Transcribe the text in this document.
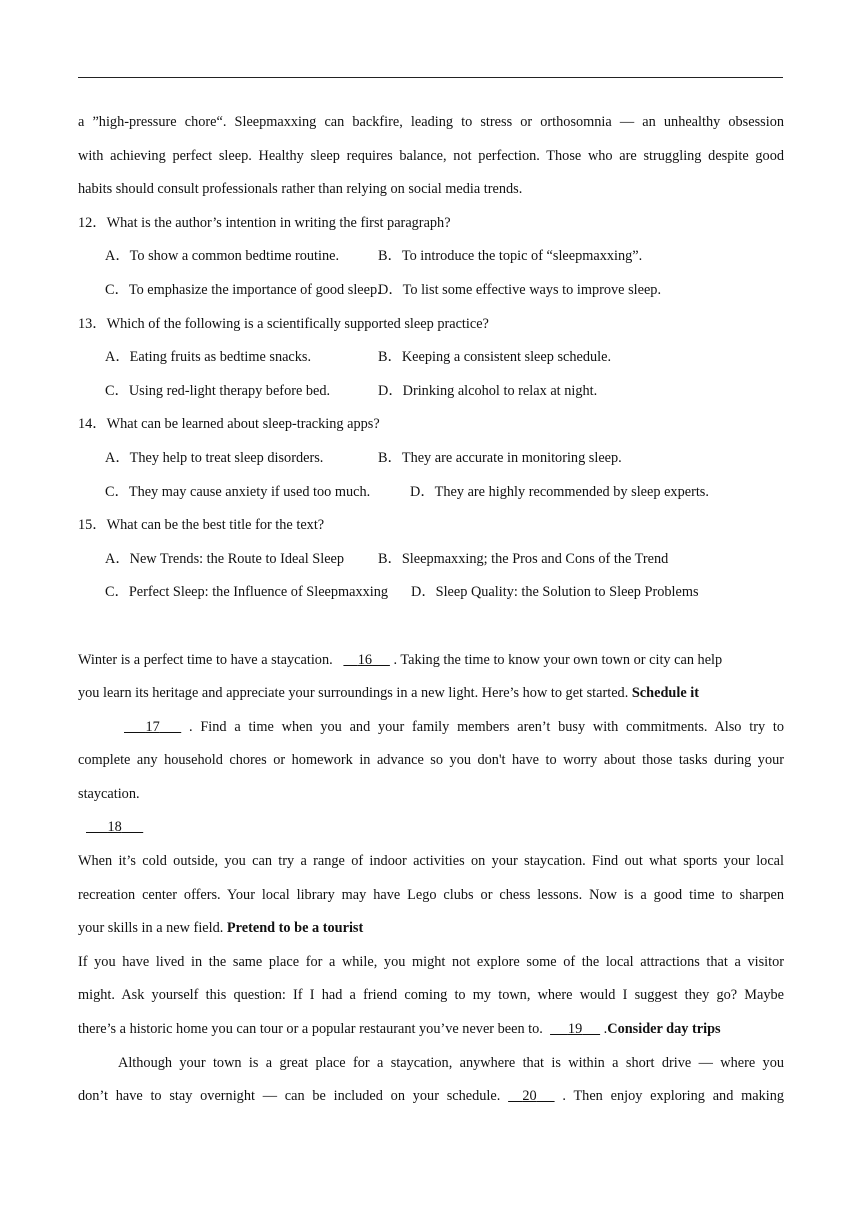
a ”high-pressure chore“. Sleepmaxxing can backfire, leading to stress or orthosomnia — an unhealthy obsession
with achieving perfect sleep. Healthy sleep requires balance, not perfection. Those who are struggling despite good
habits should consult professionals rather than relying on social media trends.
12．What is the author’s intention in writing the first paragraph?
A．To show a common bedtime routine.	B．To introduce the topic of “sleepmaxxing”.
C．To emphasize the importance of good sleep.D．To list some effective ways to improve sleep.
13．Which of the following is a scientifically supported sleep practice?
A．Eating fruits as bedtime snacks.	B．Keeping a consistent sleep schedule.
C．Using red-light therapy before bed.	D．Drinking alcohol to relax at night.
14．What can be learned about sleep-tracking apps?
A．They help to treat sleep disorders.	B．They are accurate in monitoring sleep.
C．They may cause anxiety if used too much.	D．They are highly recommended by sleep experts.
15．What can be the best title for the text?
A．New Trends: the Route to Ideal Sleep B．Sleepmaxxing; the Pros and Cons of the Trend
C．Perfect Sleep: the Influence of Sleepmaxxing D．Sleep Quality: the Solution to Sleep Problems
Winter is a perfect time to have a staycation. 16 . Taking the time to know your own town or city can help
you learn its heritage and appreciate your surroundings in a new light. Here’s how to get started. Schedule it
17 . Find a time when you and your family members aren’t busy with commitments. Also try to
complete any household chores or homework in advance so you don't have to worry about those tasks during your
staycation.
18
When it’s cold outside, you can try a range of indoor activities on your staycation. Find out what sports your local
recreation center offers. Your local library may have Lego clubs or chess lessons. Now is a good time to sharpen
your skills in a new field. Pretend to be a tourist
If you have lived in the same place for a while, you might not explore some of the local attractions that a visitor
might. Ask yourself this question: If I had a friend coming to my town, where would I suggest they go? Maybe
there’s a historic home you can tour or a popular restaurant you’ve never been to. 19 .Consider day trips
Although your town is a great place for a staycation, anywhere that is within a short drive — where you
don’t have to stay overnight — can be included on your schedule. 20 . Then enjoy exploring and making
